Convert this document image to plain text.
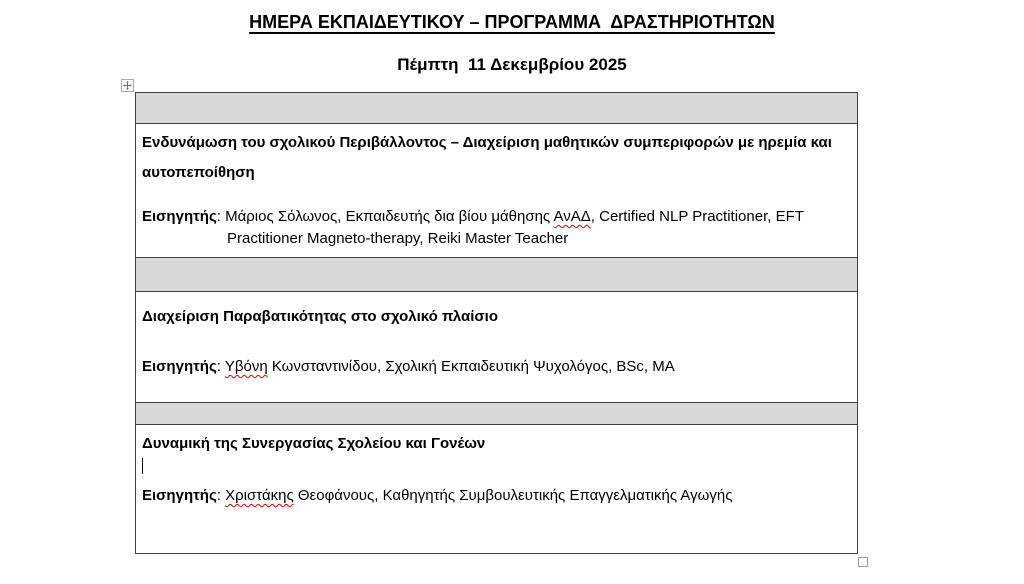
ΗΜΕΡΑ ΕΚΠΑΙΔΕΥΤΙΚΟΥ – ΠΡΟΓΡΑΜΜΑ  ΔΡΑΣΤΗΡΙΟΤΗΤΩΝ
Πέμπτη  11 Δεκεμβρίου 2025

Ενδυνάμωση του σχολικού Περιβάλλοντος – Διαχείριση μαθητικών συμπεριφορών με ηρεμία και αυτοπεποίθηση

Εισηγητής: Μάριος Σόλωνος, Εκπαιδευτής δια βίου μάθησης ΑνΑΔ, Certified NLP Practitioner, EFT Practitioner Magneto-therapy, Reiki Master Teacher

Διαχείριση Παραβατικότητας στο σχολικό πλαίσιο

Εισηγητής: Υβόνη Κωνσταντινίδου, Σχολική Εκπαιδευτική Ψυχολόγος, BSc, MA

Δυναμική της Συνεργασίας Σχολείου και Γονέων

Εισηγητής: Χριστάκης Θεοφάνους, Καθηγητής Συμβουλευτικής Επαγγελματικής Αγωγής
